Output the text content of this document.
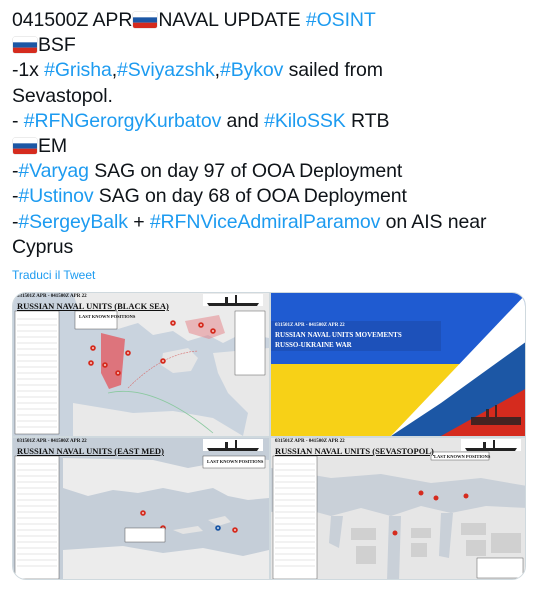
041500Z APR NAVAL UPDATE #OSINT
BSF
-1x #Grisha,#Sviyazshk,#Bykov sailed from
Sevastopol.
- #RFNGerorgyKurbatov and #KiloSSK RTB
EM
-#Varyag SAG on day 97 of OOA Deployment
-#Ustinov SAG on day 68 of OOA Deployment
-#SergeyBalk + #RFNViceAdmiralParamov on AIS near
Cyprus
Traduci il Tweet
031501Z APR - 041500Z APR 22
RUSSIAN NAVAL UNITS (BLACK SEA)
LAST KNOWN POSITIONS
031501Z APR - 041500Z APR 22
RUSSIAN NAVAL UNITS MOVEMENTS
RUSSO-UKRAINE WAR
031501Z APR - 041500Z APR 22
RUSSIAN NAVAL UNITS (EAST MED)
LAST KNOWN POSITIONS
031501Z APR - 041500Z APR 22
RUSSIAN NAVAL UNITS (SEVASTOPOL)
LAST KNOWN POSITIONS
